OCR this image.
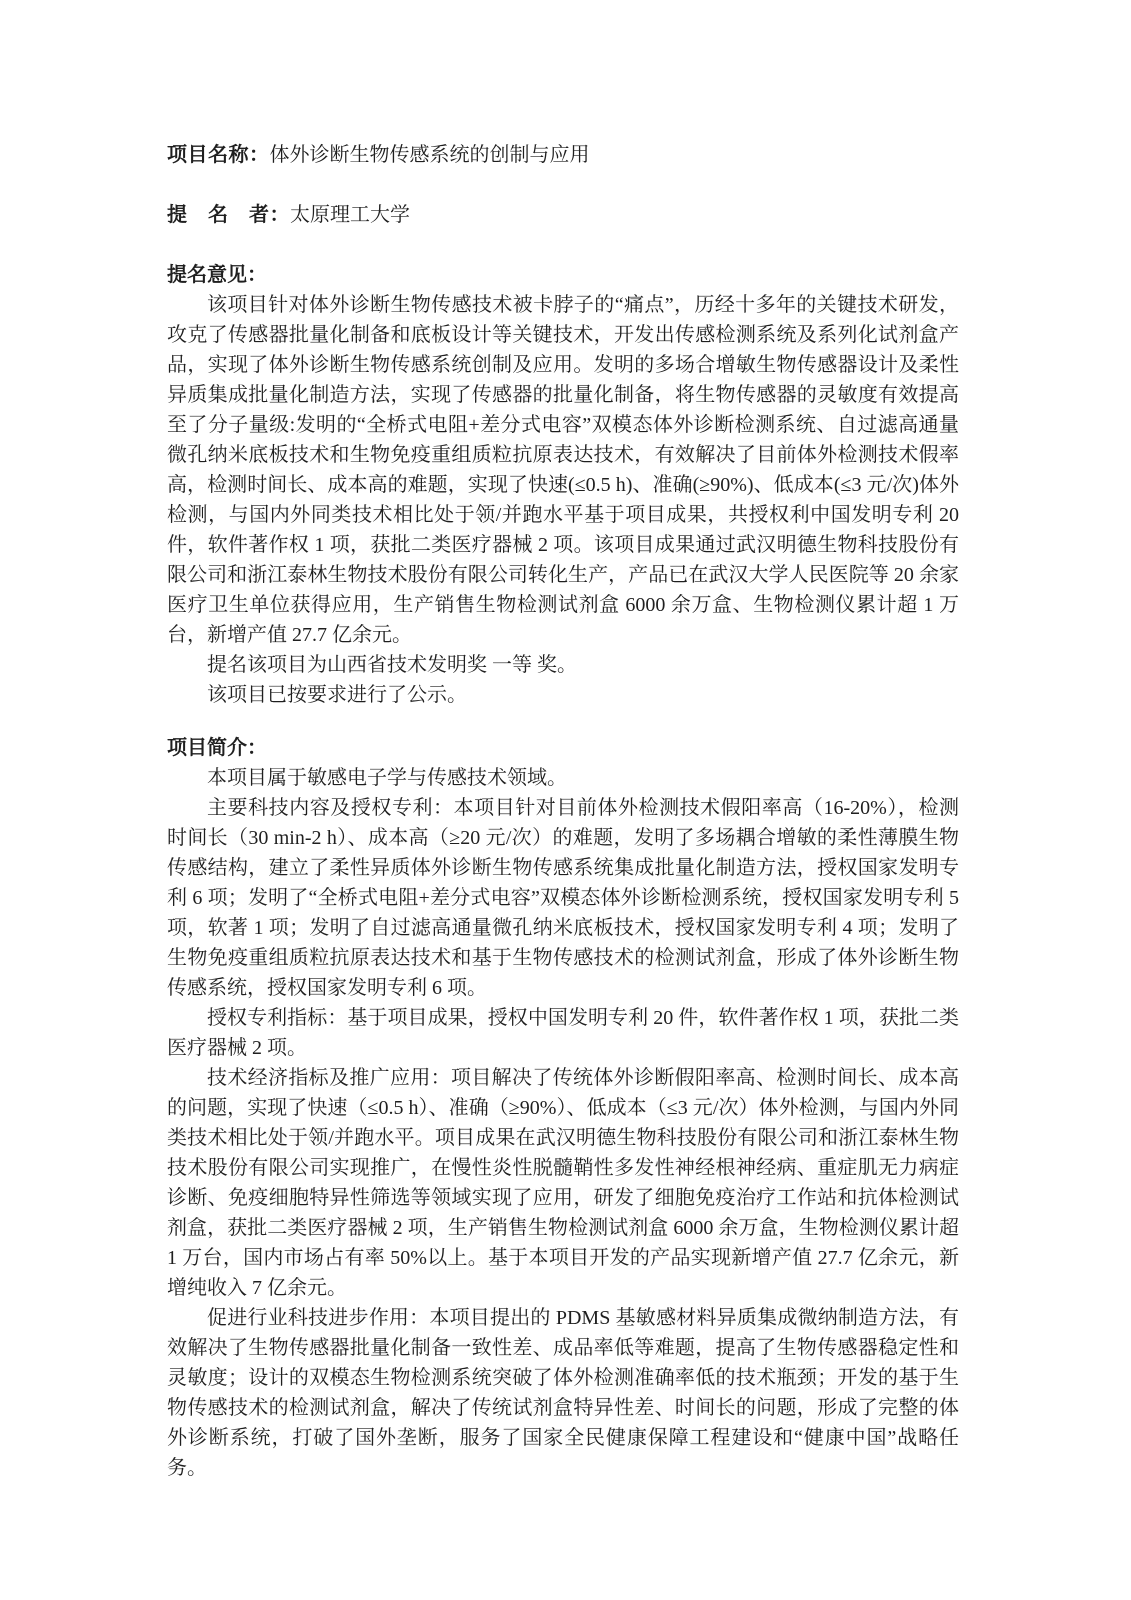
项目名称：体外诊断生物传感系统的创制与应用
提　名　者：太原理工大学
提名意见：

该项目针对体外诊断生物传感技术被卡脖子的“痛点”，历经十多年的关键技术研发，攻克了传感器批量化制备和底板设计等关键技术，开发出传感检测系统及系列化试剂盒产品，实现了体外诊断生物传感系统创制及应用。发明的多场合增敏生物传感器设计及柔性异质集成批量化制造方法，实现了传感器的批量化制备，将生物传感器的灵敏度有效提高至了分子量级:发明的“全桥式电阻+差分式电容”双模态体外诊断检测系统、自过滤高通量微孔纳米底板技术和生物免疫重组质粒抗原表达技术，有效解决了目前体外检测技术假率高，检测时间长、成本高的难题，实现了快速(≤0.5 h)、准确(≥90%)、低成本(≤3 元/次)体外检测，与国内外同类技术相比处于领/并跑水平基于项目成果，共授权利中国发明专利 20 件，软件著作权 1 项，获批二类医疗器械 2 项。该项目成果通过武汉明德生物科技股份有限公司和浙江泰林生物技术股份有限公司转化生产，产品已在武汉大学人民医院等 20 余家医疗卫生单位获得应用，生产销售生物检测试剂盒 6000 余万盒、生物检测仪累计超 1 万台，新增产值 27.7 亿余元。

提名该项目为山西省技术发明奖 一等 奖。

该项目已按要求进行了公示。

项目简介：

本项目属于敏感电子学与传感技术领域。

主要科技内容及授权专利：本项目针对目前体外检测技术假阳率高（16-20%），检测时间长（30 min-2 h）、成本高（≥20 元/次）的难题，发明了多场耦合增敏的柔性薄膜生物传感结构，建立了柔性异质体外诊断生物传感系统集成批量化制造方法，授权国家发明专利 6 项；发明了“全桥式电阻+差分式电容”双模态体外诊断检测系统，授权国家发明专利 5 项，软著 1 项；发明了自过滤高通量微孔纳米底板技术，授权国家发明专利 4 项；发明了生物免疫重组质粒抗原表达技术和基于生物传感技术的检测试剂盒，形成了体外诊断生物传感系统，授权国家发明专利 6 项。

授权专利指标：基于项目成果，授权中国发明专利 20 件，软件著作权 1 项，获批二类医疗器械 2 项。

技术经济指标及推广应用：项目解决了传统体外诊断假阳率高、检测时间长、成本高的问题，实现了快速（≤0.5 h）、准确（≥90%）、低成本（≤3 元/次）体外检测，与国内外同类技术相比处于领/并跑水平。项目成果在武汉明德生物科技股份有限公司和浙江泰林生物技术股份有限公司实现推广，在慢性炎性脱髓鞘性多发性神经根神经病、重症肌无力病症诊断、免疫细胞特异性筛选等领域实现了应用，研发了细胞免疫治疗工作站和抗体检测试剂盒，获批二类医疗器械 2 项，生产销售生物检测试剂盒 6000 余万盒，生物检测仪累计超 1 万台，国内市场占有率 50%以上。基于本项目开发的产品实现新增产值 27.7 亿余元，新增纯收入 7 亿余元。

促进行业科技进步作用：本项目提出的 PDMS 基敏感材料异质集成微纳制造方法，有效解决了生物传感器批量化制备一致性差、成品率低等难题，提高了生物传感器稳定性和灵敏度；设计的双模态生物检测系统突破了体外检测准确率低的技术瓶颈；开发的基于生物传感技术的检测试剂盒，解决了传统试剂盒特异性差、时间长的问题，形成了完整的体外诊断系统，打破了国外垄断，服务了国家全民健康保障工程建设和“健康中国”战略任务。
